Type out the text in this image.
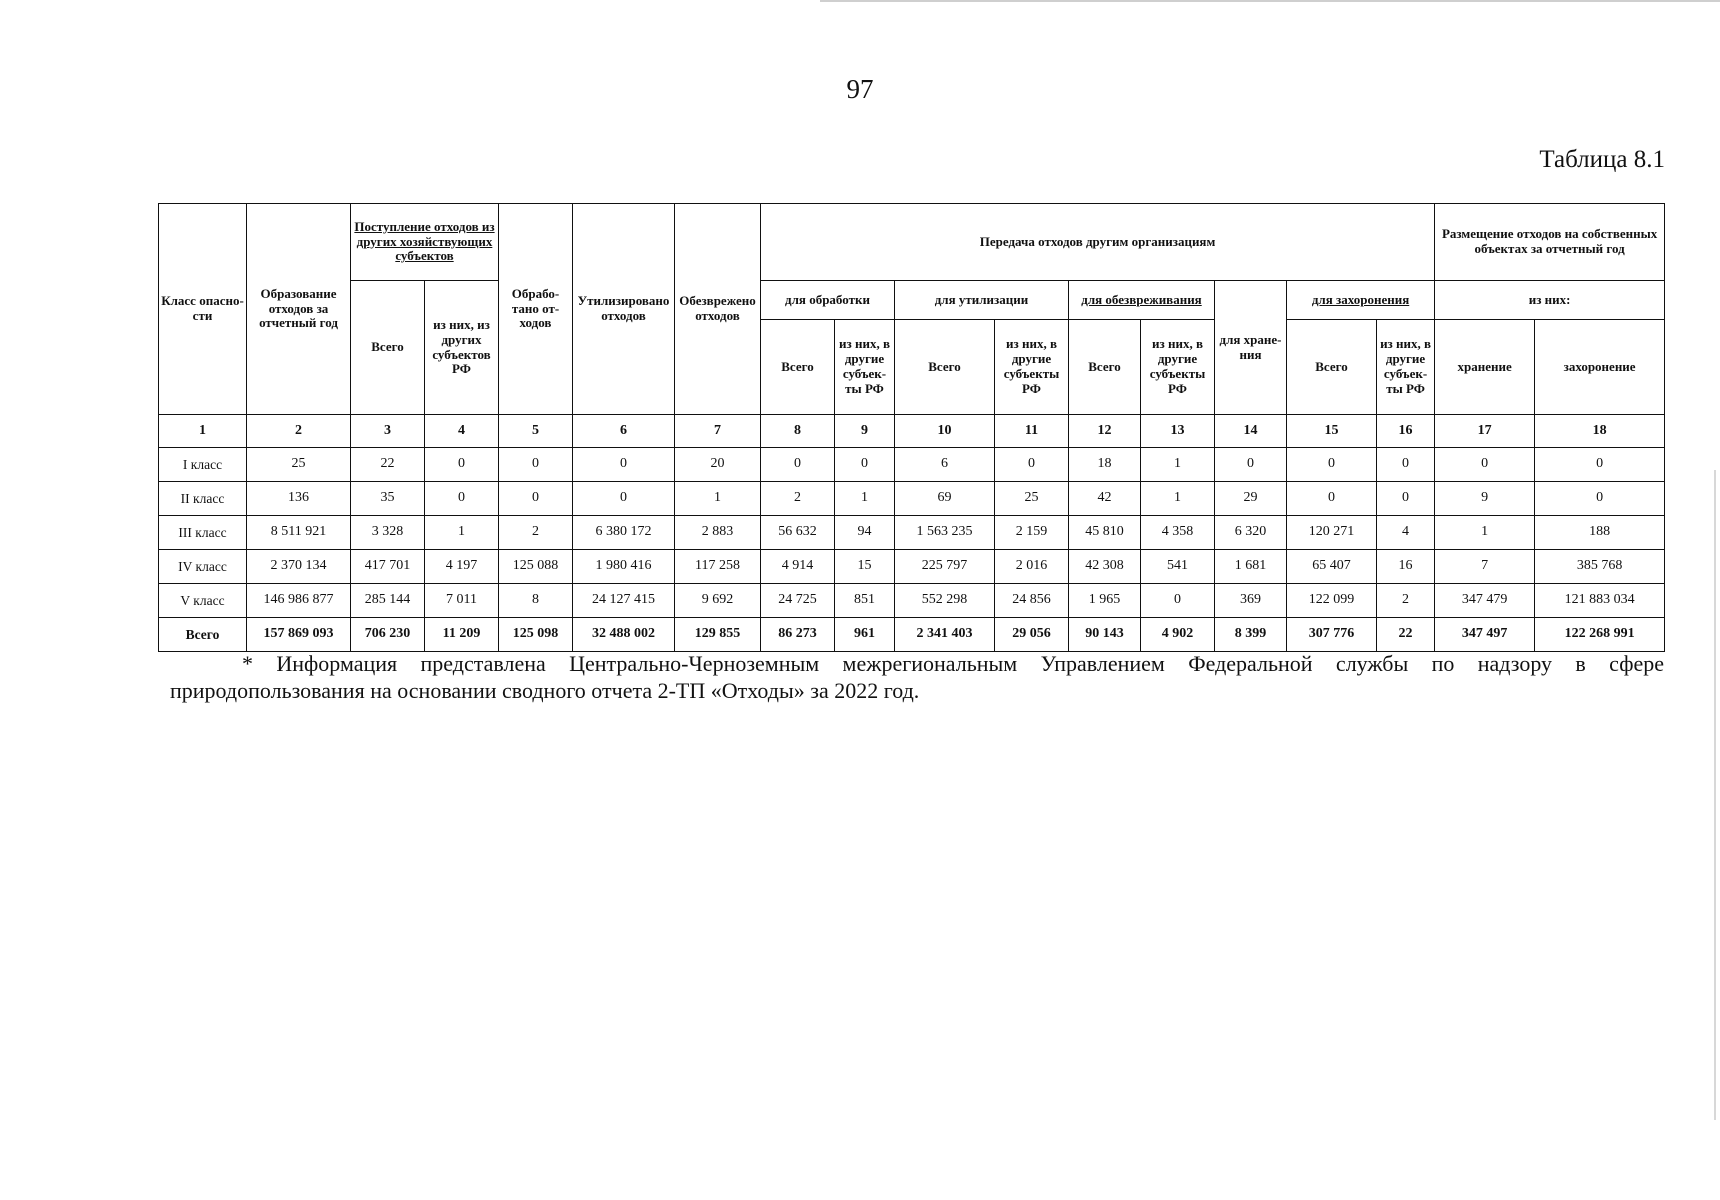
97
Таблица 8.1
Класс опасности	Образование отходов за отчетный год	Поступление отходов из других хозяйствующих субъектов		Обработано отходов	Утилизировано отходов	Обезврежено отходов	Передача отходов другим организациям									Размещение отходов на собственных объектах за отчетный год	
		Всего	из них, из других субъектов РФ				для обработки		для утилизации		для обезвреживания		для хранения	для захоронения		из них:	
							Всего	из них, в другие субъекты РФ	Всего	из них, в другие субъекты РФ	Всего	из них, в другие субъекты РФ		Всего	из них, в другие субъекты РФ	хранение	захоронение
1	2	3	4	5	6	7	8	9	10	11	12	13	14	15	16	17	18
I класс	25	22	0	0	0	20	0	0	6	0	18	1	0	0	0	0	0
II класс	136	35	0	0	0	1	2	1	69	25	42	1	29	0	0	9	0
III класс	8 511 921	3 328	1	2	6 380 172	2 883	56 632	94	1 563 235	2 159	45 810	4 358	6 320	120 271	4	1	188
IV класс	2 370 134	417 701	4 197	125 088	1 980 416	117 258	4 914	15	225 797	2 016	42 308	541	1 681	65 407	16	7	385 768
V класс	146 986 877	285 144	7 011	8	24 127 415	9 692	24 725	851	552 298	24 856	1 965	0	369	122 099	2	347 479	121 883 034
Всего	157 869 093	706 230	11 209	125 098	32 488 002	129 855	86 273	961	2 341 403	29 056	90 143	4 902	8 399	307 776	22	347 497	122 268 991
* Информация представлена Центрально-Черноземным межрегиональным Управлением Федеральной службы по надзору в сфере природопользования на основании сводного отчета 2-ТП «Отходы» за 2022 год.
